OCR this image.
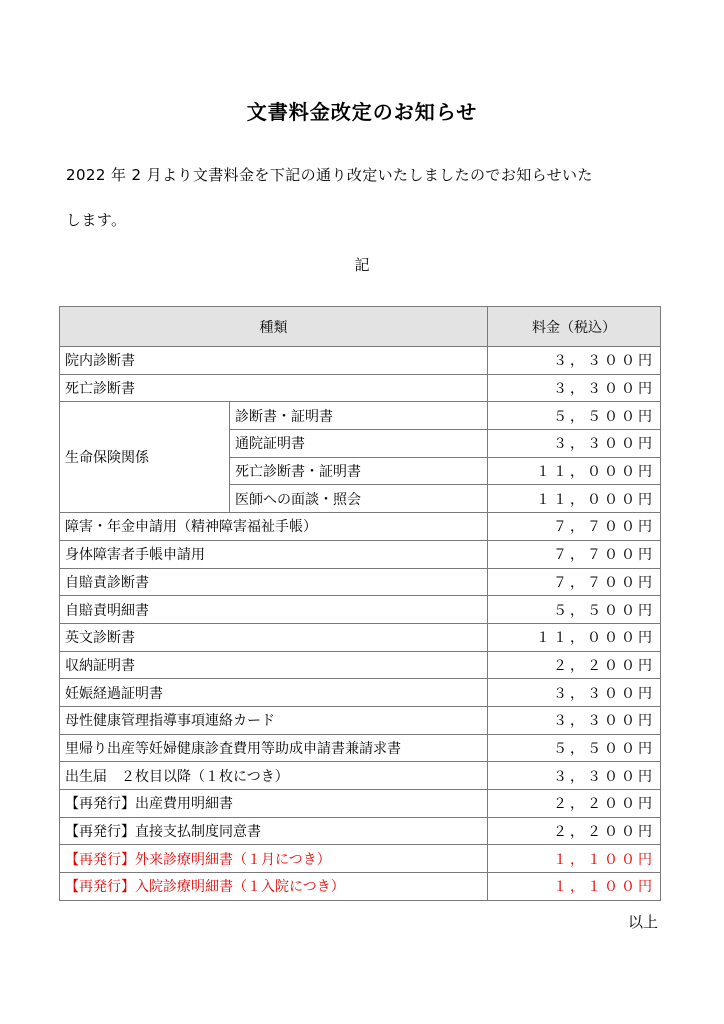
文書料金改定のお知らせ
2022 年 2 月より文書料金を下記の通り改定いたしましたのでお知らせいた
します。
記
種類		料金（税込）
院内診断書		３，３００円
死亡診断書		３，３００円
生命保険関係	診断書・証明書	５，５００円
	通院証明書	３，３００円
	死亡診断書・証明書	１１，０００円
	医師への面談・照会	１１，０００円
障害・年金申請用（精神障害福祉手帳）		７，７００円
身体障害者手帳申請用		７，７００円
自賠責診断書		７，７００円
自賠責明細書		５，５００円
英文診断書		１１，０００円
収納証明書		２，２００円
妊娠経過証明書		３，３００円
母性健康管理指導事項連絡カード		３，３００円
里帰り出産等妊婦健康診査費用等助成申請書兼請求書		５，５００円
出生届　２枚目以降（１枚につき）		３，３００円
【再発行】出産費用明細書		２，２００円
【再発行】直接支払制度同意書		２，２００円
【再発行】外来診療明細書（１月につき）		１，１００円
【再発行】入院診療明細書（１入院につき）		１，１００円
以上
